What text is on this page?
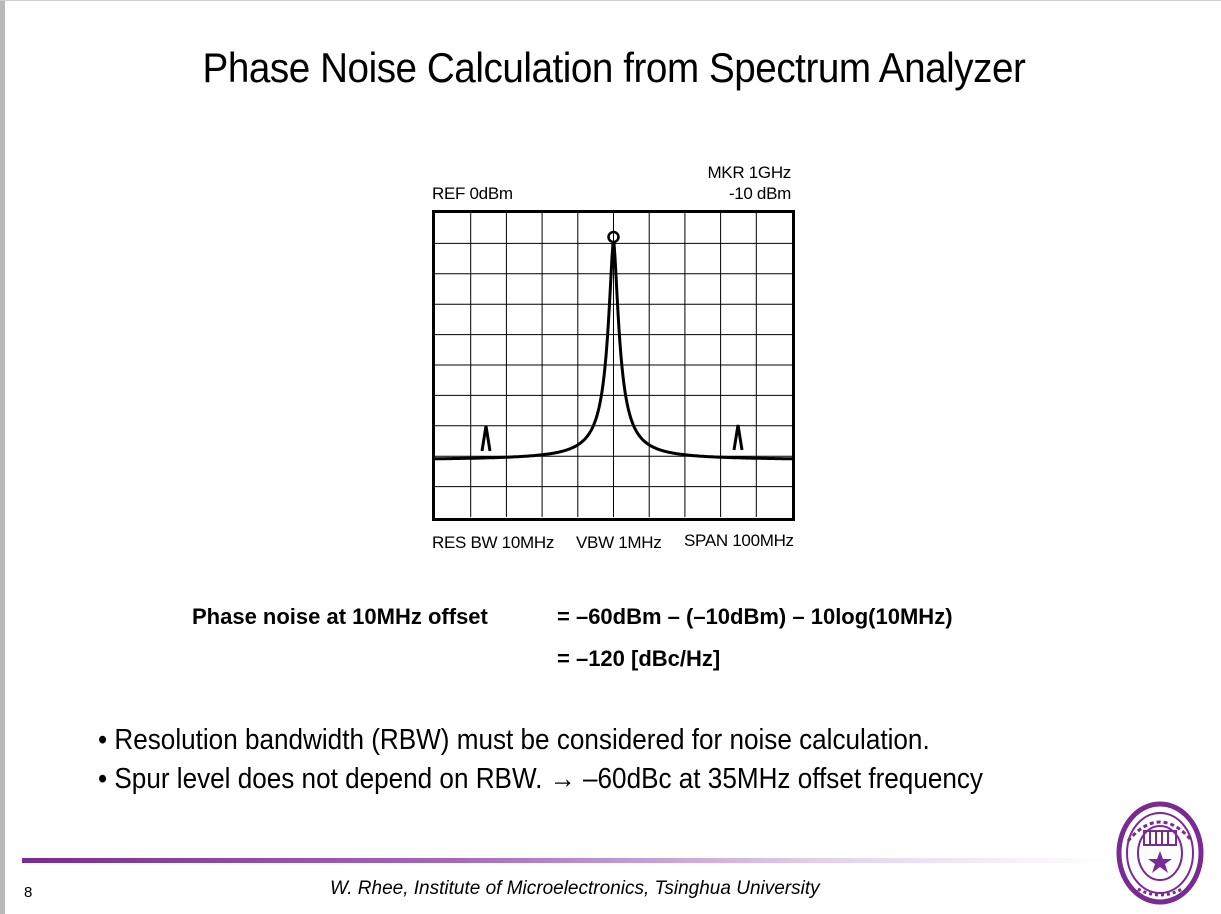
Phase Noise Calculation from Spectrum Analyzer
REF 0dBm
MKR 1GHz
-10 dBm
RES BW 10MHz VBW 1MHz SPAN 100MHz
Phase noise at 10MHz offset	= –60dBm – (–10dBm) – 10log(10MHz)
= –120 [dBc/Hz]
• Resolution bandwidth (RBW) must be considered for noise calculation.
• Spur level does not depend on RBW. → –60dBc at 35MHz offset frequency
8	W. Rhee, Institute of Microelectronics, Tsinghua University
